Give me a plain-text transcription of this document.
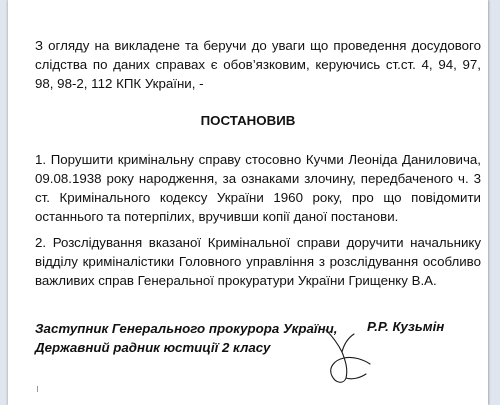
З огляду на викладене та беручи до уваги що проведення досудового слідства по даних справах є обов’язковим, керуючись ст.ст. 4, 94, 97, 98, 98-2, 112 КПК України, -
ПОСТАНОВИВ
1. Порушити кримінальну справу стосовно Кучми Леоніда Даниловича, 09.08.1938 року народження, за ознаками злочину, передбаченого ч. 3 ст. Кримінального кодексу України 1960 року, про що повідомити останнього та потерпілих, вручивши копії даної постанови.
2. Розслідування вказаної Кримінальної справи доручити начальнику відділу криміналістики Головного управління з розслідування особливо важливих справ Генеральної прокуратури України Грищенку В.А.
Заступник Генерального прокурора України,
Державний радник юстиції 2 класу
Р.Р. Кузьмін
